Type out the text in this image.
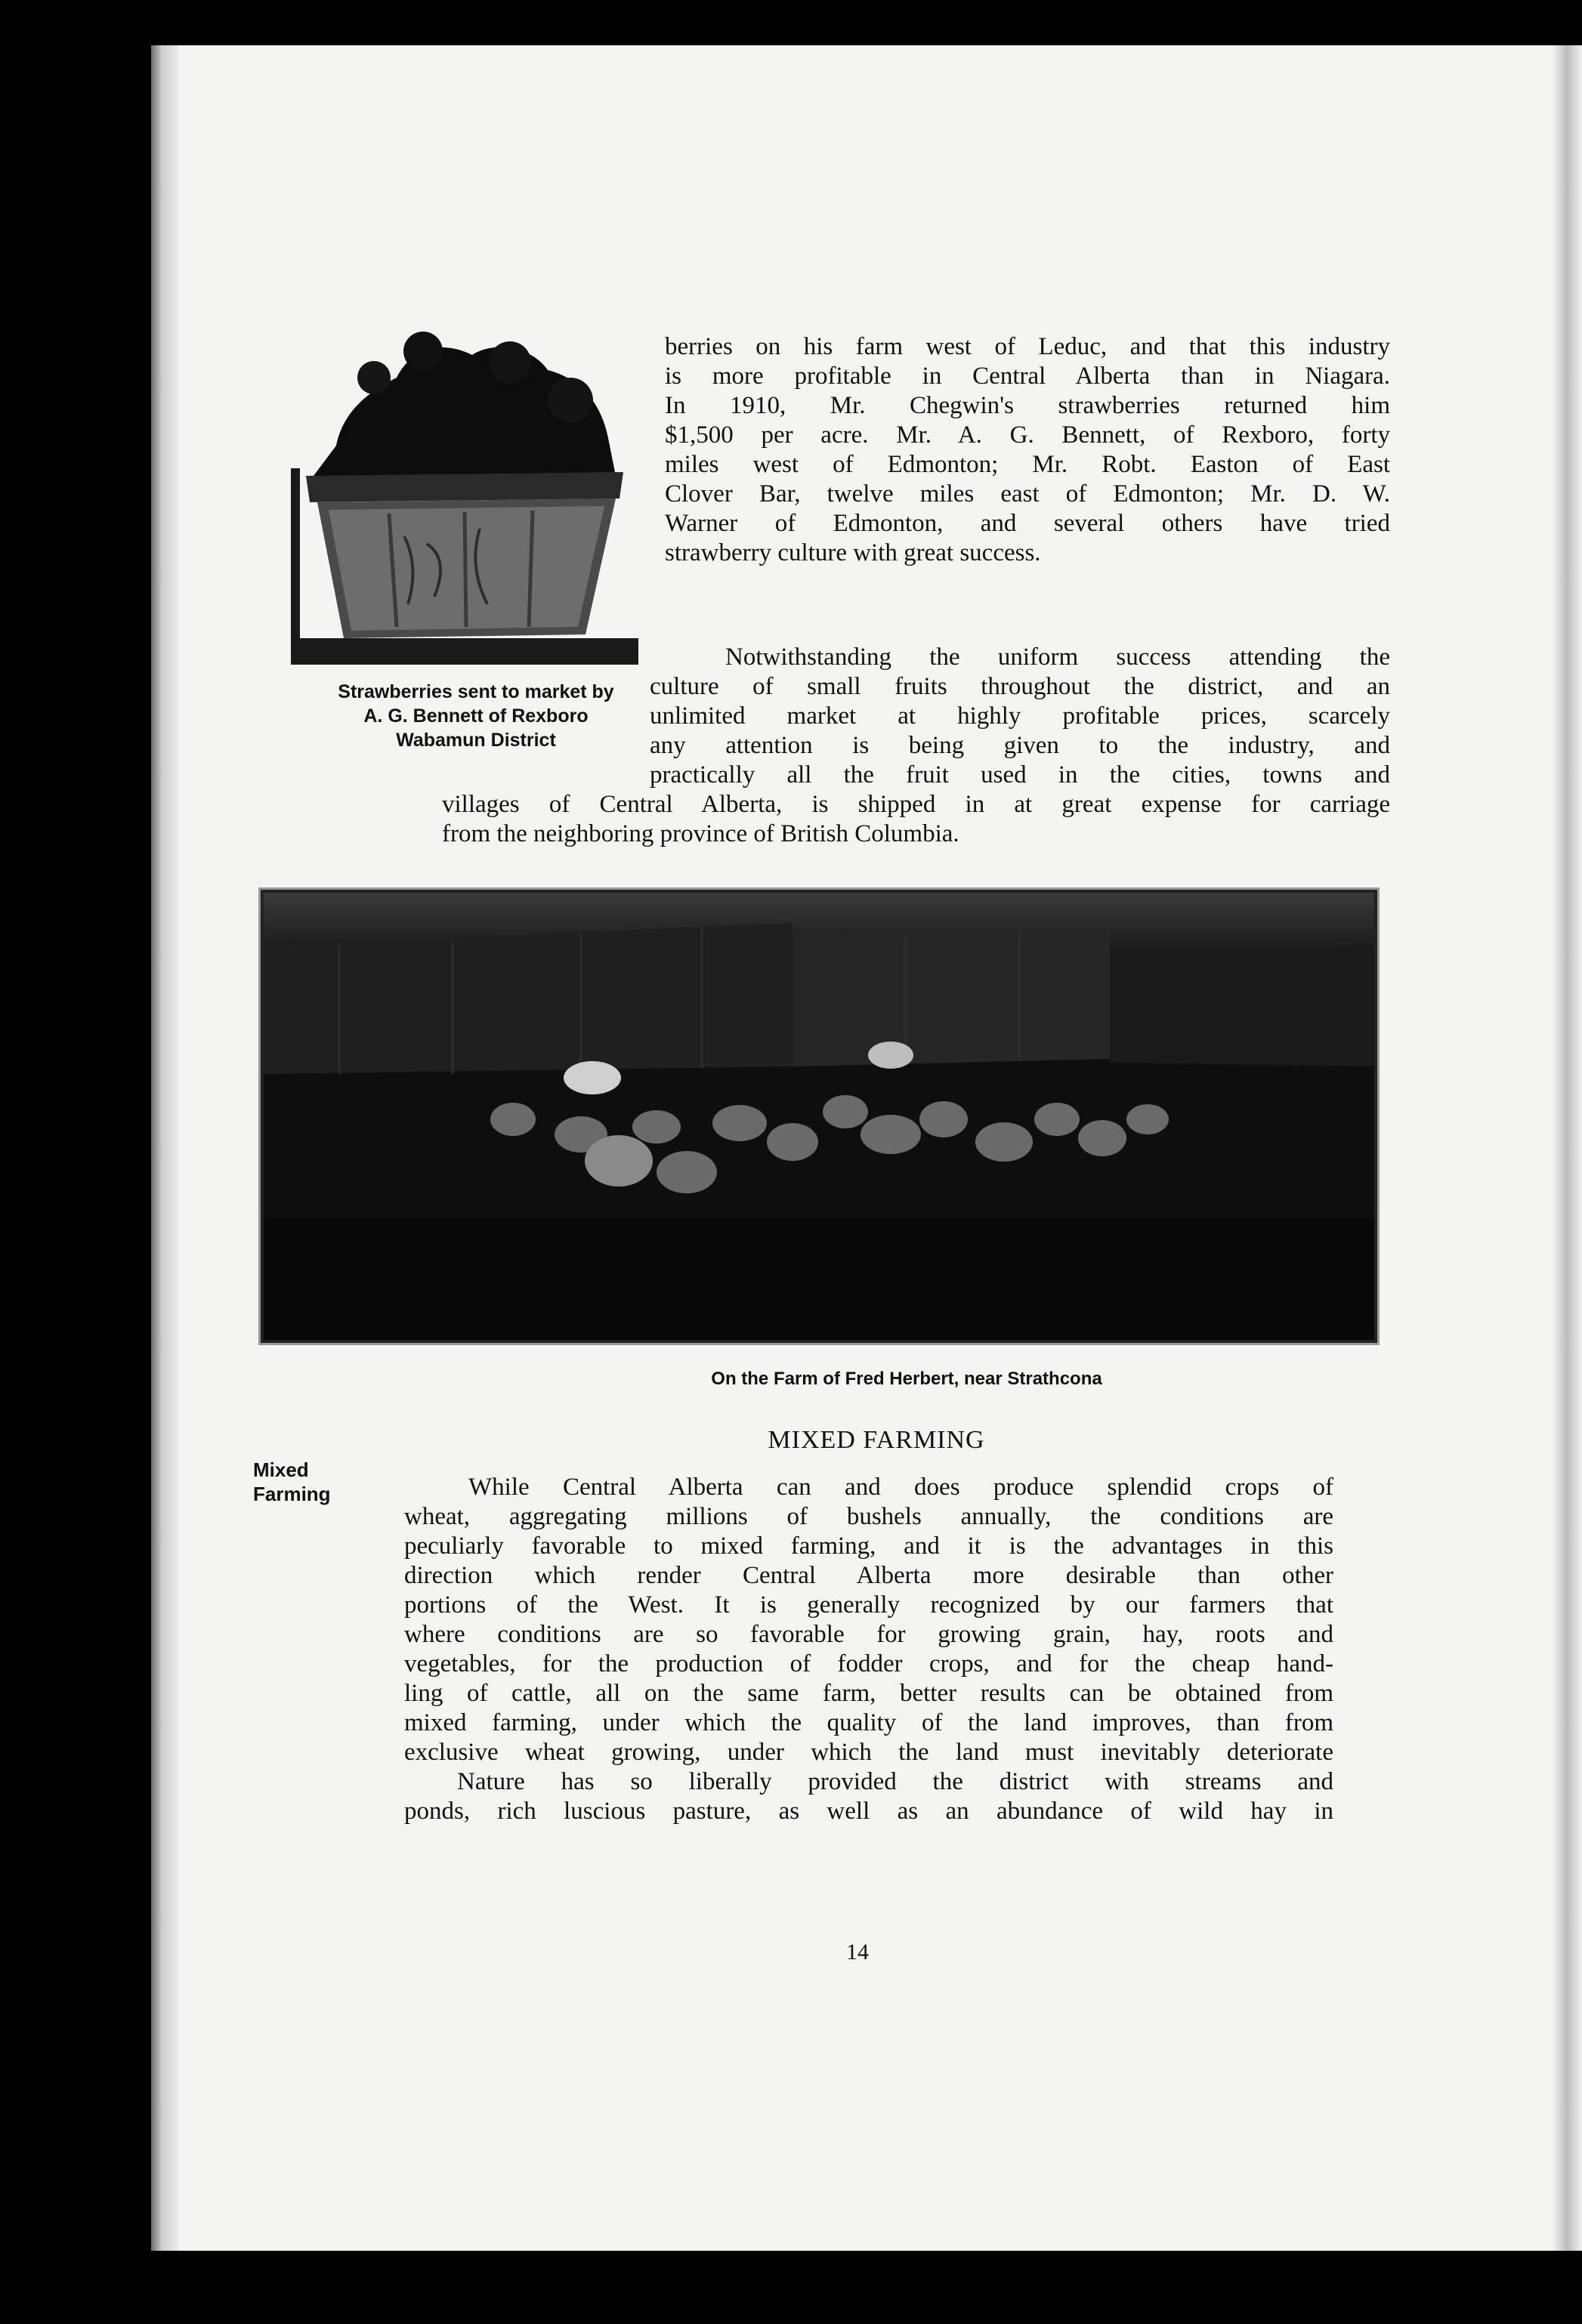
Strawberries sent to market by
A. G. Bennett of Rexboro
Wabamun District
berries on his farm west of Leduc, and that this industry
is more profitable in Central Alberta than in Niagara.
In 1910, Mr. Chegwin's strawberries returned him
$1,500 per acre. Mr. A. G. Bennett, of Rexboro, forty
miles west of Edmonton; Mr. Robt. Easton of East
Clover Bar, twelve miles east of Edmonton; Mr. D. W.
Warner of Edmonton, and several others have tried
strawberry culture with great success.
Notwithstanding the uniform success attending the
culture of small fruits throughout the district, and an
unlimited market at highly profitable prices, scarcely
any attention is being given to the industry, and
practically all the fruit used in the cities, towns and
villages of Central Alberta, is shipped in at great expense for carriage
from the neighboring province of British Columbia.
On the Farm of Fred Herbert, near Strathcona
MIXED FARMING
Mixed
Farming	While Central Alberta can and does produce splendid crops of
wheat, aggregating millions of bushels annually, the conditions are
peculiarly favorable to mixed farming, and it is the advantages in this
direction which render Central Alberta more desirable than other
portions of the West. It is generally recognized by our farmers that
where conditions are so favorable for growing grain, hay, roots and
vegetables, for the production of fodder crops, and for the cheap hand-
ling of cattle, all on the same farm, better results can be obtained from
mixed farming, under which the quality of the land improves, than from
exclusive wheat growing, under which the land must inevitably deteriorate
Nature has so liberally provided the district with streams and
ponds, rich luscious pasture, as well as an abundance of wild hay in
14
